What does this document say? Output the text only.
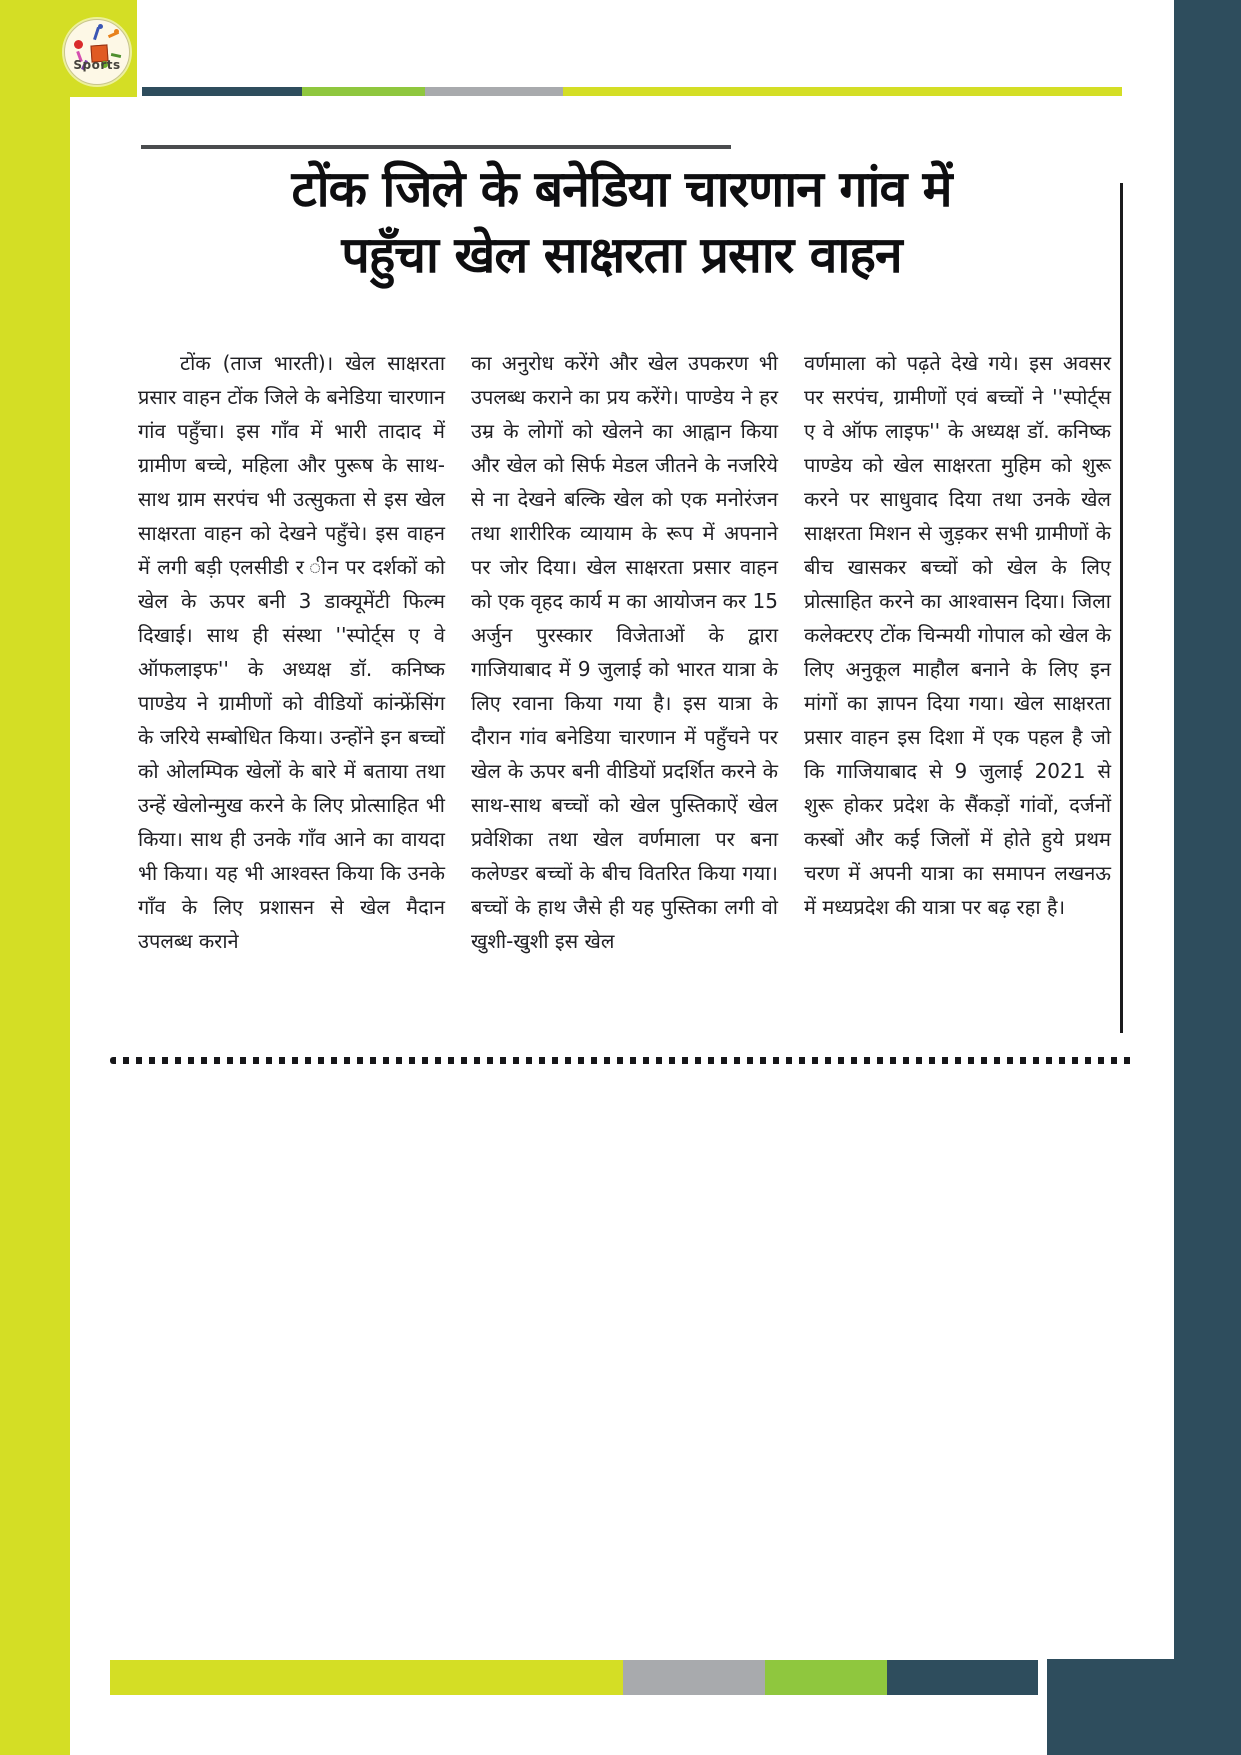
Sports
टोंक जिले के बनेडिया चारणान गांव में
पहुँचा खेल साक्षरता प्रसार वाहन
टोंक (ताज भारती)। खेल साक्षरता प्रसार वाहन टोंक जिले के बनेडिया चारणान गांव पहुँचा। इस गाँव में भारी तादाद में ग्रामीण बच्चे, महिला और पुरूष के साथ-साथ ग्राम सरपंच भी उत्सुकता से इस खेल साक्षरता वाहन को देखने पहुँचे। इस वाहन में लगी बड़ी एलसीडी र ीन पर दर्शकों को खेल के ऊपर बनी 3 डाक्यूमेंटी फिल्म दिखाई। साथ ही संस्था ''स्पोर्ट्स ए वे ऑफलाइफ'' के अध्यक्ष डॉ. कनिष्क पाण्डेय ने ग्रामीणों को वीडियों कांन्फ्रेंसिंग के जरिये सम्बोधित किया। उन्होंने इन बच्चों को ओलम्पिक खेलों के बारे में बताया तथा उन्हें खेलोन्मुख करने के लिए प्रोत्साहित भी किया। साथ ही उनके गाँव आने का वायदा भी किया। यह भी आश्वस्त किया कि उनके गाँव के लिए प्रशासन से खेल मैदान उपलब्ध कराने
का अनुरोध करेंगे और खेल उपकरण भी उपलब्ध कराने का प्रय करेंगे। पाण्डेय ने हर उम्र के लोगों को खेलने का आह्वान किया और खेल को सिर्फ मेडल जीतने के नजरिये से ना देखने बल्कि खेल को एक मनोरंजन तथा शारीरिक व्यायाम के रूप में अपनाने पर जोर दिया। खेल साक्षरता प्रसार वाहन को एक वृहद कार्य म का आयोजन कर 15 अर्जुन पुरस्कार विजेताओं के द्वारा गाजियाबाद में 9 जुलाई को भारत यात्रा के लिए रवाना किया गया है। इस यात्रा के दौरान गांव बनेडिया चारणान में पहुँचने पर खेल के ऊपर बनी वीडियों प्रदर्शित करने के साथ-साथ बच्चों को खेल पुस्तिकाऐं खेल प्रवेशिका तथा खेल वर्णमाला पर बना कलेण्डर बच्चों के बीच वितरित किया गया। बच्चों के हाथ जैसे ही यह पुस्तिका लगी वो खुशी-खुशी इस खेल
वर्णमाला को पढ़ते देखे गये। इस अवसर पर सरपंच, ग्रामीणों एवं बच्चों ने ''स्पोर्ट्स ए वे ऑफ लाइफ'' के अध्यक्ष डॉ. कनिष्क पाण्डेय को खेल साक्षरता मुहिम को शुरू करने पर साधुवाद दिया तथा उनके खेल साक्षरता मिशन से जुड़कर सभी ग्रामीणों के बीच खासकर बच्चों को खेल के लिए प्रोत्साहित करने का आश्वासन दिया। जिला कलेक्टरए टोंक चिन्मयी गोपाल को खेल के लिए अनुकूल माहौल बनाने के लिए इन मांगों का ज्ञापन दिया गया। खेल साक्षरता प्रसार वाहन इस दिशा में एक पहल है जो कि गाजियाबाद से 9 जुलाई 2021 से शुरू होकर प्रदेश के सैंकड़ों गांवों, दर्जनों कस्बों और कई जिलों में होते हुये प्रथम चरण में अपनी यात्रा का समापन लखनऊ में मध्यप्रदेश की यात्रा पर बढ़ रहा है।
